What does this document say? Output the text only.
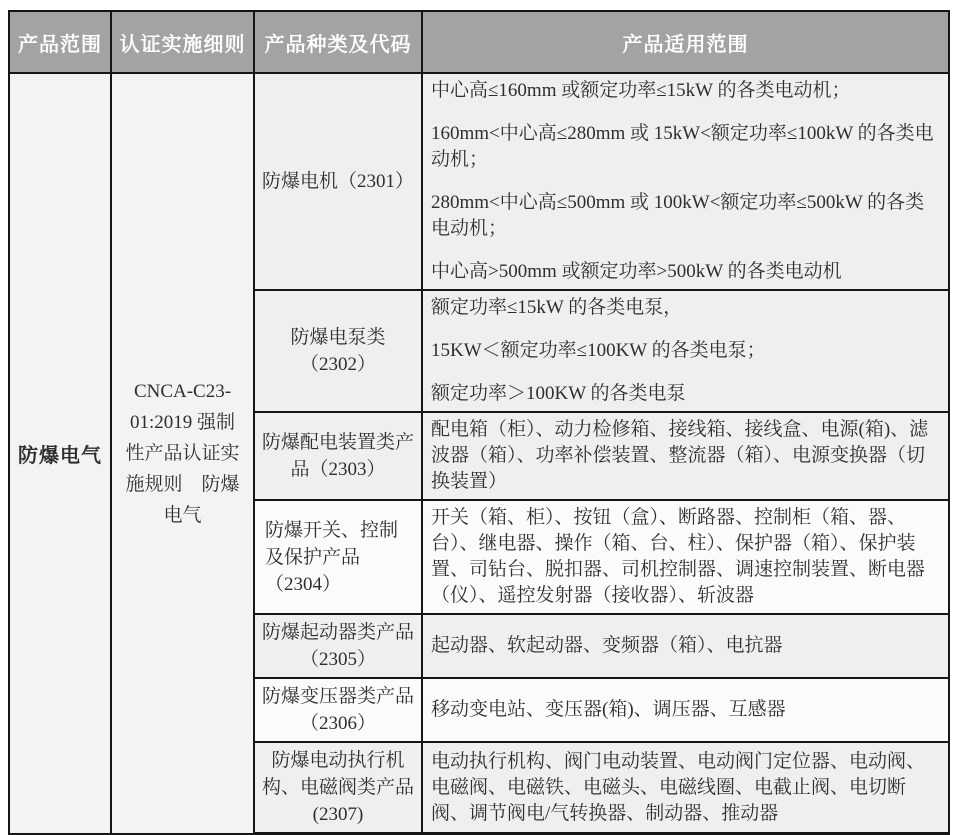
产品范围	认证实施细则	产品种类及代码	产品适用范围
防爆电气	CNCA-C23-01:2019 强制性产品认证实施规则　防爆电气	防爆电机（2301）	中心高≤160mm 或额定功率≤15kW 的各类电动机；

160mm<中心高≤280mm 或 15kW<额定功率≤100kW 的各类电动机；

280mm<中心高≤500mm 或 100kW<额定功率≤500kW 的各类电动机；

中心高>500mm 或额定功率>500kW 的各类电动机

		防爆电泵类（2302）	额定功率≤15kW 的各类电泵，

15KW＜额定功率≤100KW 的各类电泵；

额定功率＞100KW 的各类电泵

		防爆配电装置类产品（2303）	配电箱（柜）、动力检修箱、接线箱、接线盒、电源(箱)、滤波器（箱）、功率补偿装置、整流器（箱）、电源变换器（切换装置）

		防爆开关、控制及保护产品（2304）	开关（箱、柜）、按钮（盒）、断路器、控制柜（箱、器、台）、继电器、操作（箱、台、柱）、保护器（箱）、保护装置、司钻台、脱扣器、司机控制器、调速控制装置、断电器（仪）、遥控发射器（接收器）、斩波器

		防爆起动器类产品（2305）	起动器、软起动器、变频器（箱）、电抗器

		防爆变压器类产品（2306）	移动变电站、变压器(箱)、调压器、互感器

		防爆电动执行机构、电磁阀类产品(2307)	电动执行机构、阀门电动装置、电动阀门定位器、电动阀、电磁阀、电磁铁、电磁头、电磁线圈、电截止阀、电切断阀、调节阀电/气转换器、制动器、推动器
